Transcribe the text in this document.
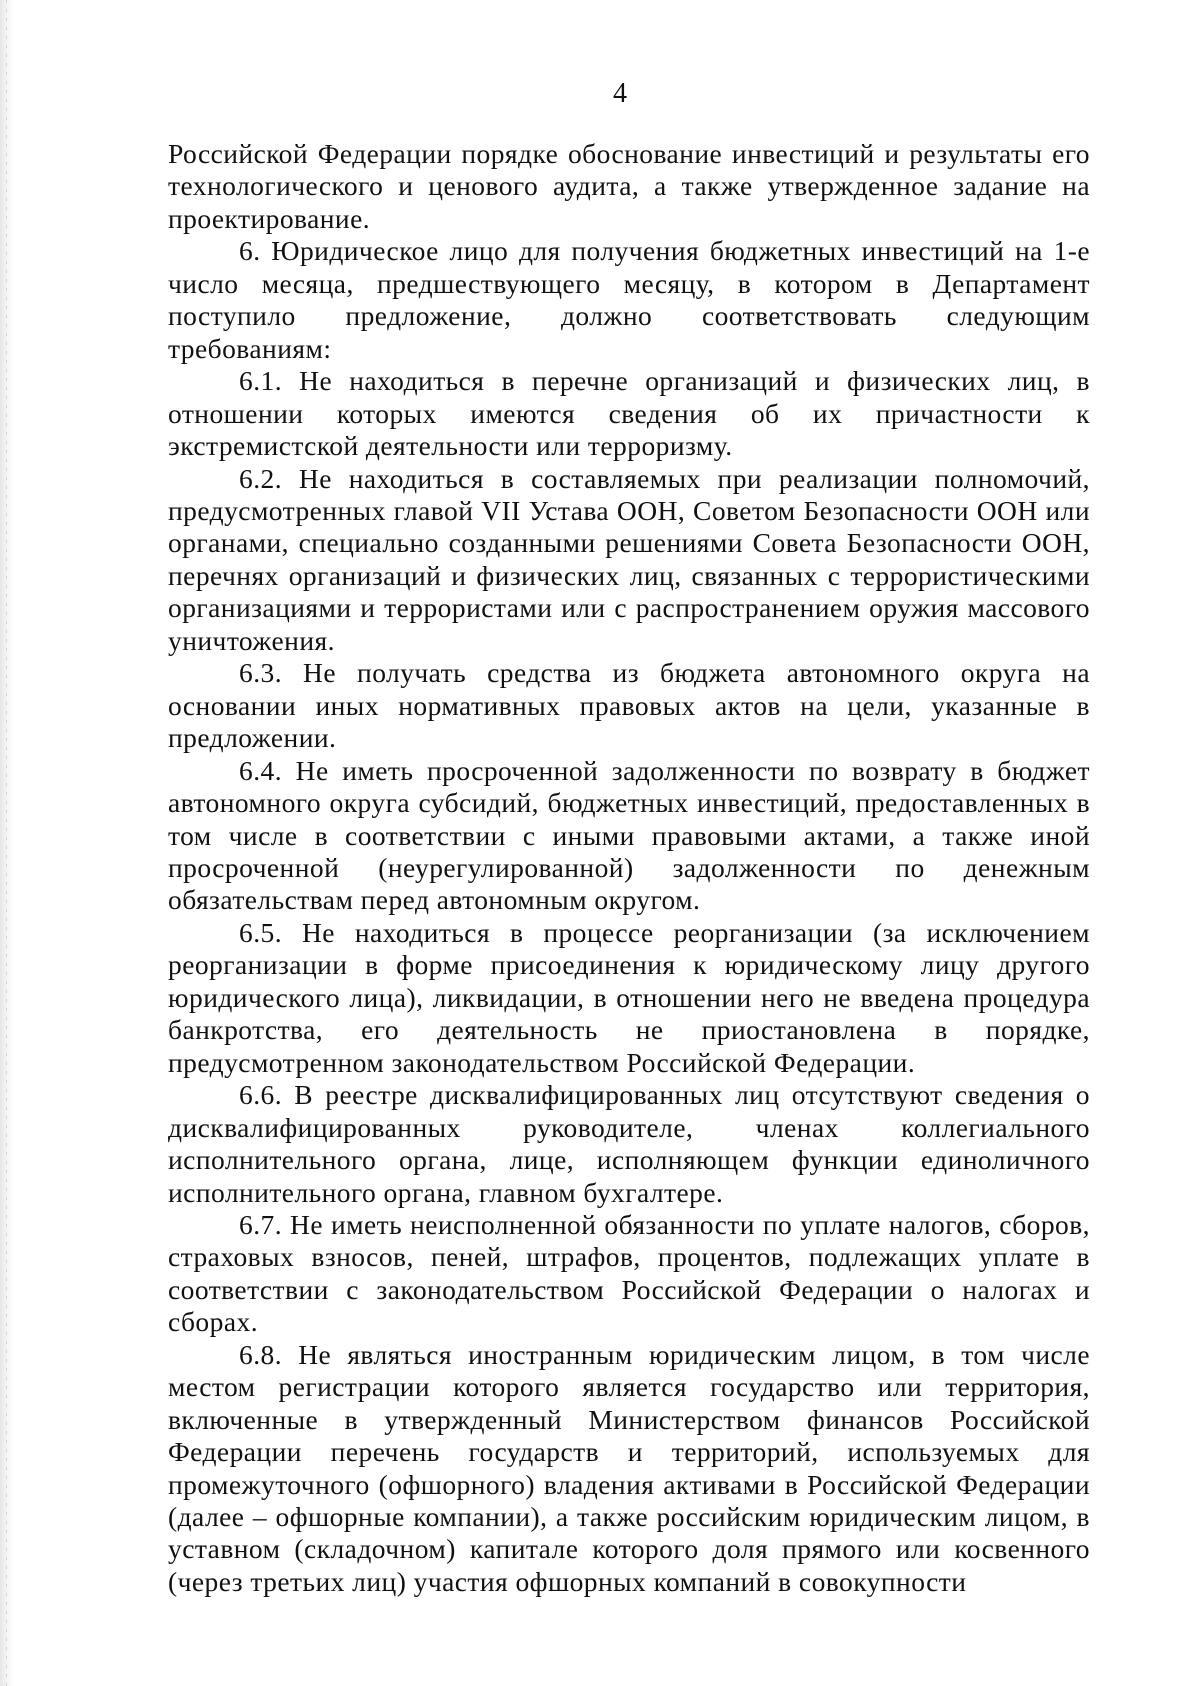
4

Российской Федерации порядке обоснование инвестиций и результаты его технологического и ценового аудита, а также утвержденное задание на проектирование.

6. Юридическое лицо для получения бюджетных инвестиций на 1-е число месяца, предшествующего месяцу, в котором в Департамент поступило предложение, должно соответствовать следующим требованиям:

6.1. Не находиться в перечне организаций и физических лиц, в отношении которых имеются сведения об их причастности к экстремистской деятельности или терроризму.

6.2. Не находиться в составляемых при реализации полномочий, предусмотренных главой VII Устава ООН, Советом Безопасности ООН или органами, специально созданными решениями Совета Безопасности ООН, перечнях организаций и физических лиц, связанных с террористическими организациями и террористами или с распространением оружия массового уничтожения.

6.3. Не получать средства из бюджета автономного округа на основании иных нормативных правовых актов на цели, указанные в предложении.

6.4. Не иметь просроченной задолженности по возврату в бюджет автономного округа субсидий, бюджетных инвестиций, предоставленных в том числе в соответствии с иными правовыми актами, а также иной просроченной (неурегулированной) задолженности по денежным обязательствам перед автономным округом.

6.5. Не находиться в процессе реорганизации (за исключением реорганизации в форме присоединения к юридическому лицу другого юридического лица), ликвидации, в отношении него не введена процедура банкротства, его деятельность не приостановлена в порядке, предусмотренном законодательством Российской Федерации.

6.6. В реестре дисквалифицированных лиц отсутствуют сведения о дисквалифицированных руководителе, членах коллегиального исполнительного органа, лице, исполняющем функции единоличного исполнительного органа, главном бухгалтере.

6.7. Не иметь неисполненной обязанности по уплате налогов, сборов, страховых взносов, пеней, штрафов, процентов, подлежащих уплате в соответствии с законодательством Российской Федерации о налогах и сборах.

6.8. Не являться иностранным юридическим лицом, в том числе местом регистрации которого является государство или территория, включенные в утвержденный Министерством финансов Российской Федерации перечень государств и территорий, используемых для промежуточного (офшорного) владения активами в Российской Федерации (далее – офшорные компании), а также российским юридическим лицом, в уставном (складочном) капитале которого доля прямого или косвенного (через третьих лиц) участия офшорных компаний в совокупности
